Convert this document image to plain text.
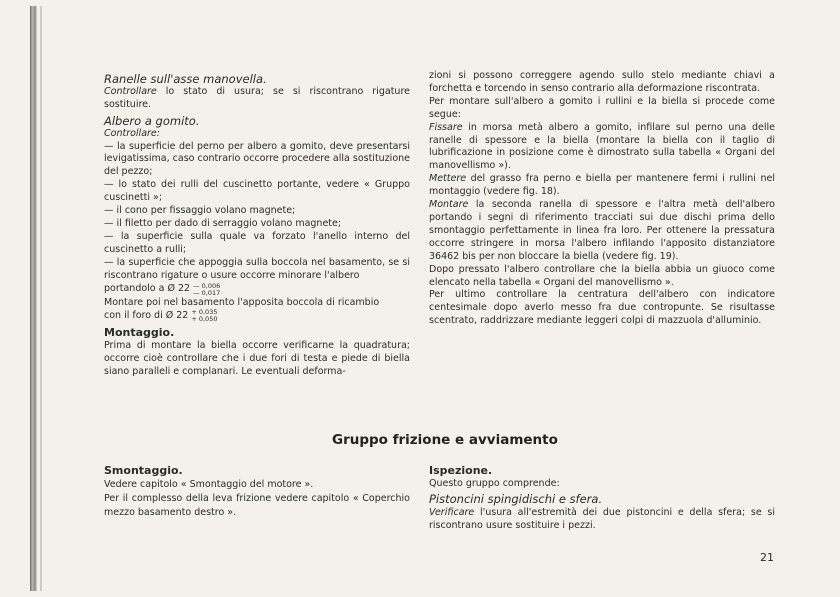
Ranelle sull'asse manovella.

Controllare lo stato di usura; se si riscontrano rigature sostituire.

Albero a gomito.

Controllare:

— la superficie del perno per albero a gomito, deve presentarsi levigatissima, caso contrario occorre procedere alla sostituzione del pezzo;

— lo stato dei rulli del cuscinetto portante, vedere « Gruppo cuscinetti »;

— il cono per fissaggio volano magnete;

— il filetto per dado di serraggio volano magnete;

— la superficie sulla quale va forzato l'anello interno del cuscinetto a rulli;

— la superficie che appoggia sulla boccola nel basamento, se si riscontrano rigature o usure occorre minorare l'albero

portandolo a Ø 22 — 0,006
— 0,017

Montare poi nel basamento l'apposita boccola di ricambio

con il foro di Ø 22 + 0,035
+ 0,050

Montaggio.

Prima di montare la biella occorre verificarne la quadratura; occorre cioè controllare che i due fori di testa e piede di biella siano paralleli e complanari. Le eventuali deforma-

zioni si possono correggere agendo sullo stelo mediante chiavi a forchetta e torcendo in senso contrario alla deformazione riscontrata.

Per montare sull'albero a gomito i rullini e la biella si procede come segue:

Fissare in morsa metà albero a gomito, infilare sul perno una delle ranelle di spessore e la biella (montare la biella con il taglio di lubrificazione in posizione come è dimostrato sulla tabella « Organi del manovellismo »).

Mettere del grasso fra perno e biella per mantenere fermi i rullini nel montaggio (vedere fig. 18).

Montare la seconda ranella di spessore e l'altra metà dell'albero portando i segni di riferimento tracciati sui due dischi prima dello smontaggio perfettamente in linea fra loro. Per ottenere la pressatura occorre stringere in morsa l'albero infilando l'apposito distanziatore 36462 bis per non bloccare la biella (vedere fig. 19).

Dopo pressato l'albero controllare che la biella abbia un giuoco come elencato nella tabella « Organi del manovellismo ».

Per ultimo controllare la centratura dell'albero con indicatore centesimale dopo averlo messo fra due contropunte. Se risultasse scentrato, raddrizzare mediante leggeri colpi di mazzuola d'alluminio.

Gruppo frizione e avviamento

Smontaggio.

Vedere capitolo « Smontaggio del motore ».

Per il complesso della leva frizione vedere capitolo « Coperchio mezzo basamento destro ».

Ispezione.

Questo gruppo comprende:

Pistoncini spingidischi e sfera.

Verificare l'usura all'estremità dei due pistoncini e della sfera; se si riscontrano usure sostituire i pezzi.

21
